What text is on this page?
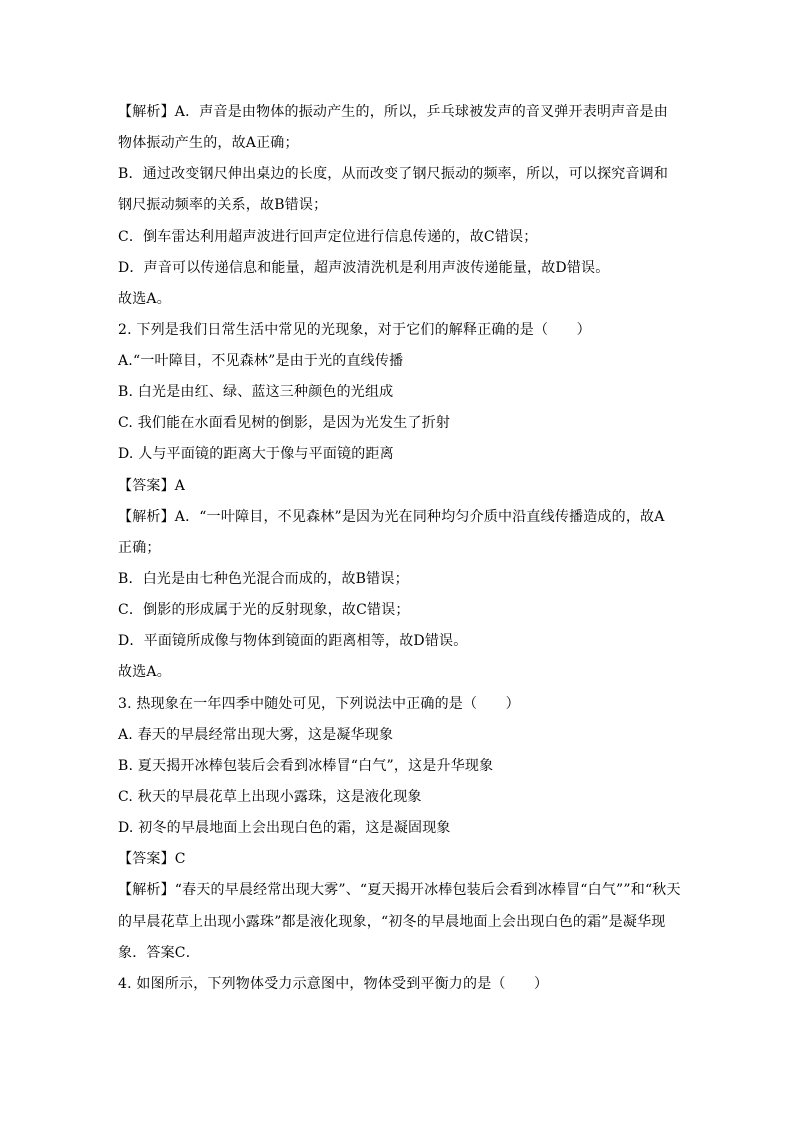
【解析】A．声音是由物体的振动产生的，所以，乒乓球被发声的音叉弹开表明声音是由
物体振动产生的，故A正确；
B．通过改变钢尺伸出桌边的长度，从而改变了钢尺振动的频率，所以，可以探究音调和
钢尺振动频率的关系，故B错误；
C．倒车雷达利用超声波进行回声定位进行信息传递的，故C错误；
D．声音可以传递信息和能量，超声波清洗机是利用声波传递能量，故D错误。
故选A。
2. 下列是我们日常生活中常见的光现象，对于它们的解释正确的是（　　）
A.“一叶障目，不见森林”是由于光的直线传播
B. 白光是由红、绿、蓝这三种颜色的光组成
C. 我们能在水面看见树的倒影，是因为光发生了折射
D. 人与平面镜的距离大于像与平面镜的距离
【答案】A
【解析】A．“一叶障目，不见森林”是因为光在同种均匀介质中沿直线传播造成的，故A
正确；
B．白光是由七种色光混合而成的，故B错误；
C．倒影的形成属于光的反射现象，故C错误；
D．平面镜所成像与物体到镜面的距离相等，故D错误。
故选A。
3. 热现象在一年四季中随处可见，下列说法中正确的是（　　）
A. 春天的早晨经常出现大雾，这是凝华现象
B. 夏天揭开冰棒包装后会看到冰棒冒“白气”，这是升华现象
C. 秋天的早晨花草上出现小露珠，这是液化现象
D. 初冬的早晨地面上会出现白色的霜，这是凝固现象
【答案】C
【解析】“春天的早晨经常出现大雾”、“夏天揭开冰棒包装后会看到冰棒冒“白气””和“秋天
的早晨花草上出现小露珠”都是液化现象，“初冬的早晨地面上会出现白色的霜”是凝华现
象．答案C．
4. 如图所示，下列物体受力示意图中，物体受到平衡力的是（　　）
